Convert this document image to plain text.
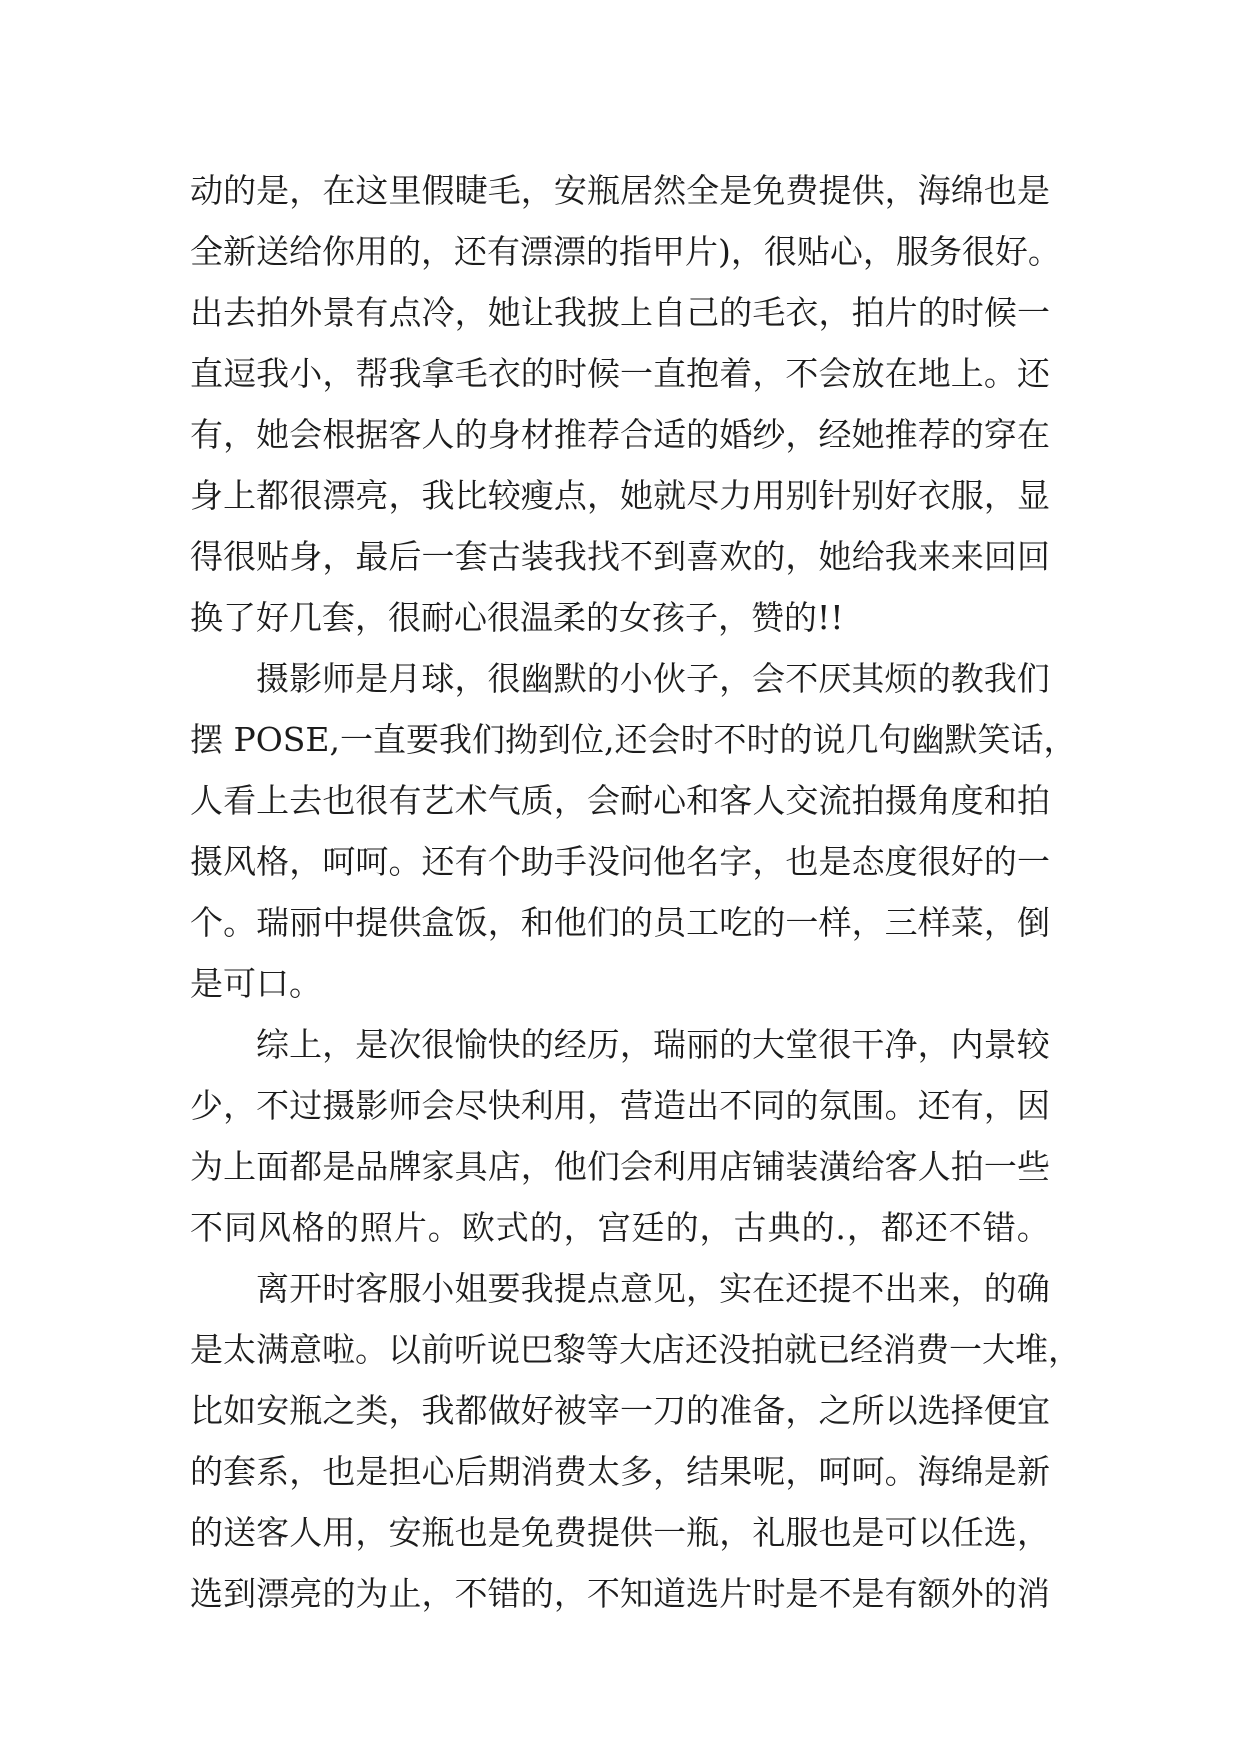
动 的 是 ， 在 这 里 假 睫 毛 ， 安 瓶 居 然 全 是 免 费 提 供 ， 海 绵 也 是
全 新 送 给 你 用 的 ， 还 有 漂 漂 的 指 甲 片 ) ， 很 贴 心 ， 服 务 很 好 。
出 去 拍 外 景 有 点 冷 ， 她 让 我 披 上 自 己 的 毛 衣 ， 拍 片 的 时 候 一
直 逗 我 小 ， 帮 我 拿 毛 衣 的 时 候 一 直 抱 着 ， 不 会 放 在 地 上 。 还
有 ， 她 会 根 据 客 人 的 身 材 推 荐 合 适 的 婚 纱 ， 经 她 推 荐 的 穿 在
身 上 都 很 漂 亮 ， 我 比 较 瘦 点 ， 她 就 尽 力 用 别 针 别 好 衣 服 ， 显
得 很 贴 身 ， 最 后 一 套 古 装 我 找 不 到 喜 欢 的 ， 她 给 我 来 来 回 回
换了好几套，很耐心很温柔的女孩子，赞的!!
摄 影 师 是 月 球 ， 很 幽 默 的 小 伙 子 ， 会 不 厌 其 烦 的 教 我 们
摆
P O S E , 一 直 要 我 们 拗 到 位 , 还 会 时 不 时 的 说 几 句 幽 默 笑 话 ，
人 看 上 去 也 很 有 艺 术 气 质 ， 会 耐 心 和 客 人 交 流 拍 摄 角 度 和 拍
摄 风 格 ， 呵 呵 。 还 有 个 助 手 没 问 他 名 字 ， 也 是 态 度 很 好 的 一
个 。 瑞 丽 中 提 供 盒 饭 ， 和 他 们 的 员 工 吃 的 一 样 ， 三 样 菜 ， 倒
是可口。
综 上 ， 是 次 很 愉 快 的 经 历 ， 瑞 丽 的 大 堂 很 干 净 ， 内 景 较
少 ， 不 过 摄 影 师 会 尽 快 利 用 ， 营 造 出 不 同 的 氛 围 。 还 有 ， 因
为 上 面 都 是 品 牌 家 具 店 ， 他 们 会 利 用 店 铺 装 潢 给 客 人 拍 一 些
不 同 风 格 的 照 片 。 欧 式 的 ， 宫 廷 的 ， 古 典 的 . ， 都 还 不 错 。
离 开 时 客 服 小 姐 要 我 提 点 意 见 ， 实 在 还 提 不 出 来 ， 的 确
是 太 满 意 啦 。 以 前 听 说 巴 黎 等 大 店 还 没 拍 就 已 经 消 费 一 大 堆 ，
比 如 安 瓶 之 类 ， 我 都 做 好 被 宰 一 刀 的 准 备 ， 之 所 以 选 择 便 宜
的 套 系 ， 也 是 担 心 后 期 消 费 太 多 ， 结 果 呢 ， 呵 呵 。 海 绵 是 新
的 送 客 人 用 ， 安 瓶 也 是 免 费 提 供 一 瓶 ， 礼 服 也 是 可 以 任 选 ，
选 到 漂 亮 的 为 止 ， 不 错 的 ， 不 知 道 选 片 时 是 不 是 有 额 外 的 消
